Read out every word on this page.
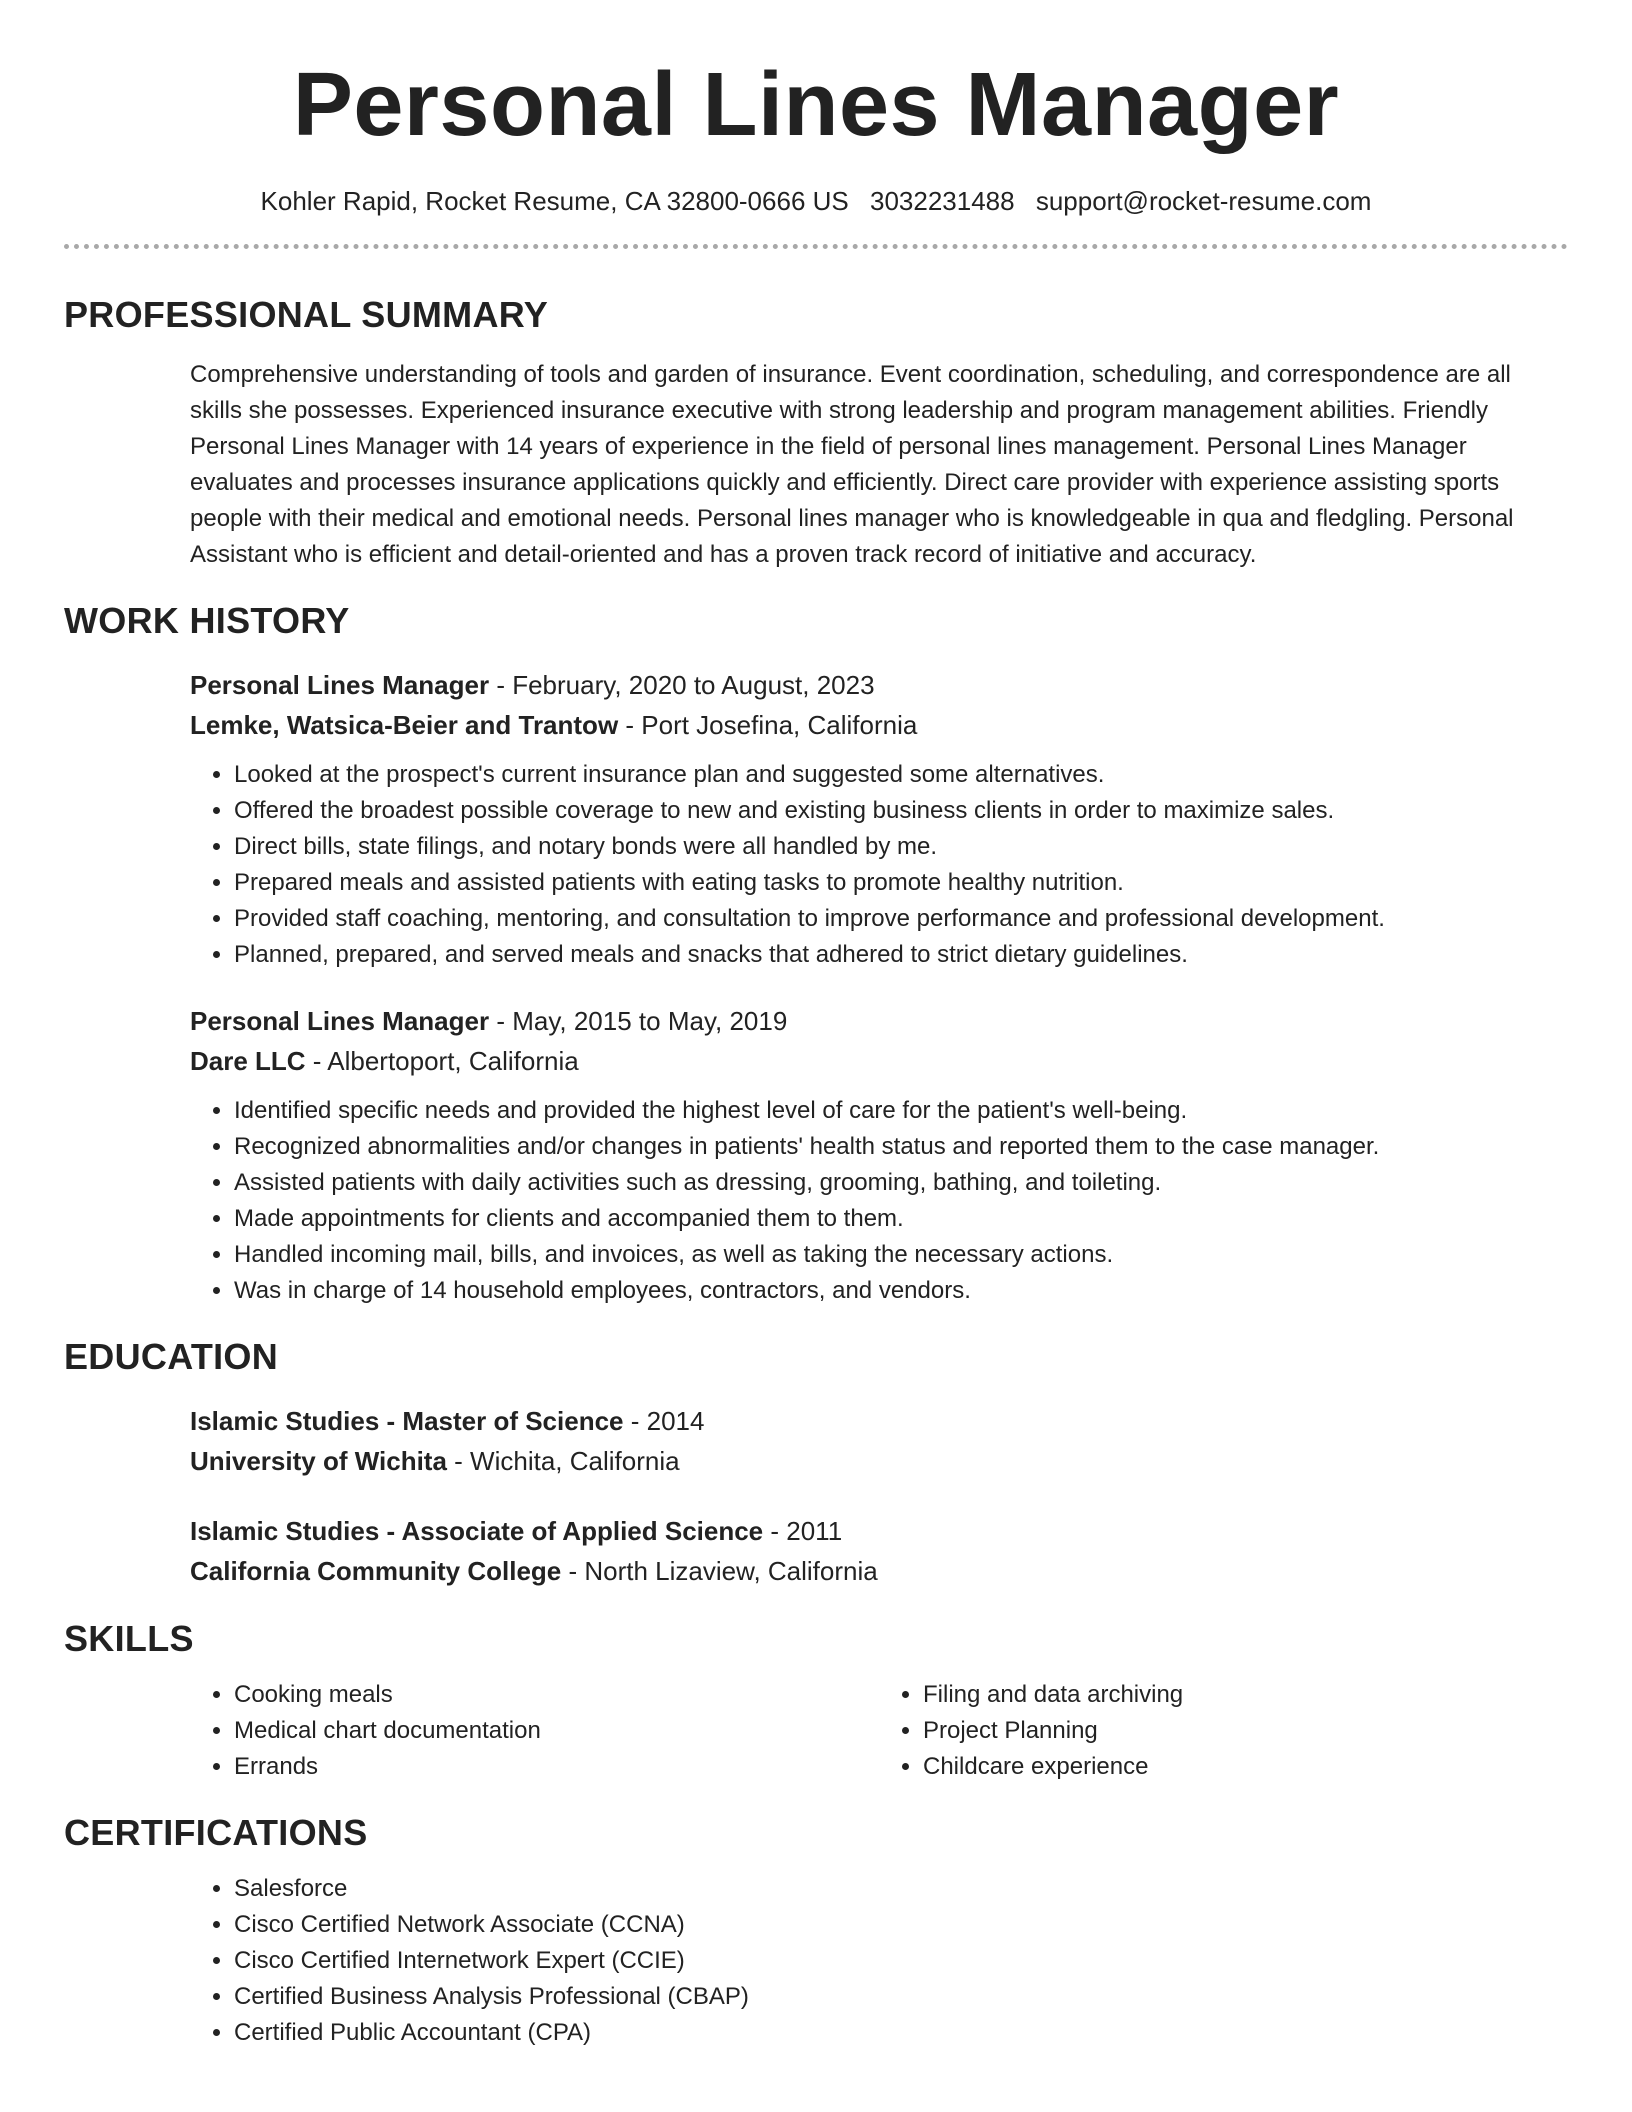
Personal Lines Manager
Kohler Rapid, Rocket Resume, CA 32800-0666 US 3032231488 support@rocket-resume.com
PROFESSIONAL SUMMARY
Comprehensive understanding of tools and garden of insurance. Event coordination, scheduling, and correspondence are all skills she possesses. Experienced insurance executive with strong leadership and program management abilities. Friendly Personal Lines Manager with 14 years of experience in the field of personal lines management. Personal Lines Manager evaluates and processes insurance applications quickly and efficiently. Direct care provider with experience assisting sports people with their medical and emotional needs. Personal lines manager who is knowledgeable in qua and fledgling. Personal Assistant who is efficient and detail-oriented and has a proven track record of initiative and accuracy.
WORK HISTORY
Personal Lines Manager - February, 2020 to August, 2023
Lemke, Watsica-Beier and Trantow - Port Josefina, California
• Looked at the prospect's current insurance plan and suggested some alternatives.
• Offered the broadest possible coverage to new and existing business clients in order to maximize sales.
• Direct bills, state filings, and notary bonds were all handled by me.
• Prepared meals and assisted patients with eating tasks to promote healthy nutrition.
• Provided staff coaching, mentoring, and consultation to improve performance and professional development.
• Planned, prepared, and served meals and snacks that adhered to strict dietary guidelines.
Personal Lines Manager - May, 2015 to May, 2019
Dare LLC - Albertoport, California
• Identified specific needs and provided the highest level of care for the patient's well-being.
• Recognized abnormalities and/or changes in patients' health status and reported them to the case manager.
• Assisted patients with daily activities such as dressing, grooming, bathing, and toileting.
• Made appointments for clients and accompanied them to them.
• Handled incoming mail, bills, and invoices, as well as taking the necessary actions.
• Was in charge of 14 household employees, contractors, and vendors.
EDUCATION
Islamic Studies - Master of Science - 2014
University of Wichita - Wichita, California
Islamic Studies - Associate of Applied Science - 2011
California Community College - North Lizaview, California
SKILLS
• Cooking meals
• Medical chart documentation
• Errands
• Filing and data archiving
• Project Planning
• Childcare experience
CERTIFICATIONS
• Salesforce
• Cisco Certified Network Associate (CCNA)
• Cisco Certified Internetwork Expert (CCIE)
• Certified Business Analysis Professional (CBAP)
• Certified Public Accountant (CPA)
